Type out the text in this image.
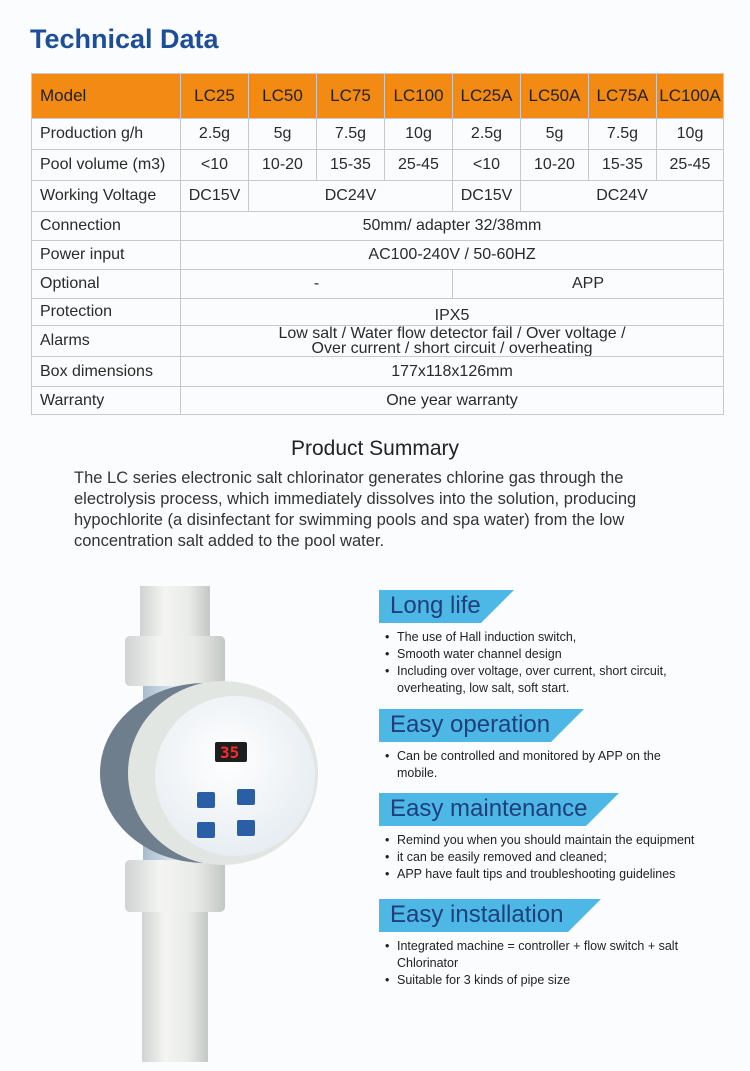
Technical Data
Model	LC25	LC50	LC75	LC100	LC25A	LC50A	LC75A	LC100A
Production g/h	2.5g	5g	7.5g	10g	2.5g	5g	7.5g	10g
Pool volume (m3)	<10	10-20	15-35	25-45	<10	10-20	15-35	25-45
Working Voltage	DC15V	DC24V			DC15V	DC24V		
Connection	50mm/ adapter 32/38mm							
Power input	AC100-240V / 50-60HZ							
Optional	-				APP			
Protection	IPX5							
Alarms	Low salt / Water flow detector fail / Over voltage /
Over current / short circuit / overheating							

Box dimensions	177x118x126mm							
Warranty	One year warranty							
Product Summary

The LC series electronic salt chlorinator generates chlorine gas through the electrolysis process, which immediately dissolves into the solution, producing hypochlorite (a disinfectant for swimming pools and spa water) from the low concentration salt added to the pool water.

35
Long life
• The use of Hall induction switch,
• Smooth water channel design
• Including over voltage, over current, short circuit, overheating, low salt, soft start.
Easy operation
• Can be controlled and monitored by APP on the mobile.
Easy maintenance
• Remind you when you should maintain the equipment
• it can be easily removed and cleaned;
• APP have fault tips and troubleshooting guidelines
Easy installation
• Integrated machine = controller + flow switch + salt Chlorinator
• Suitable for 3 kinds of pipe size
